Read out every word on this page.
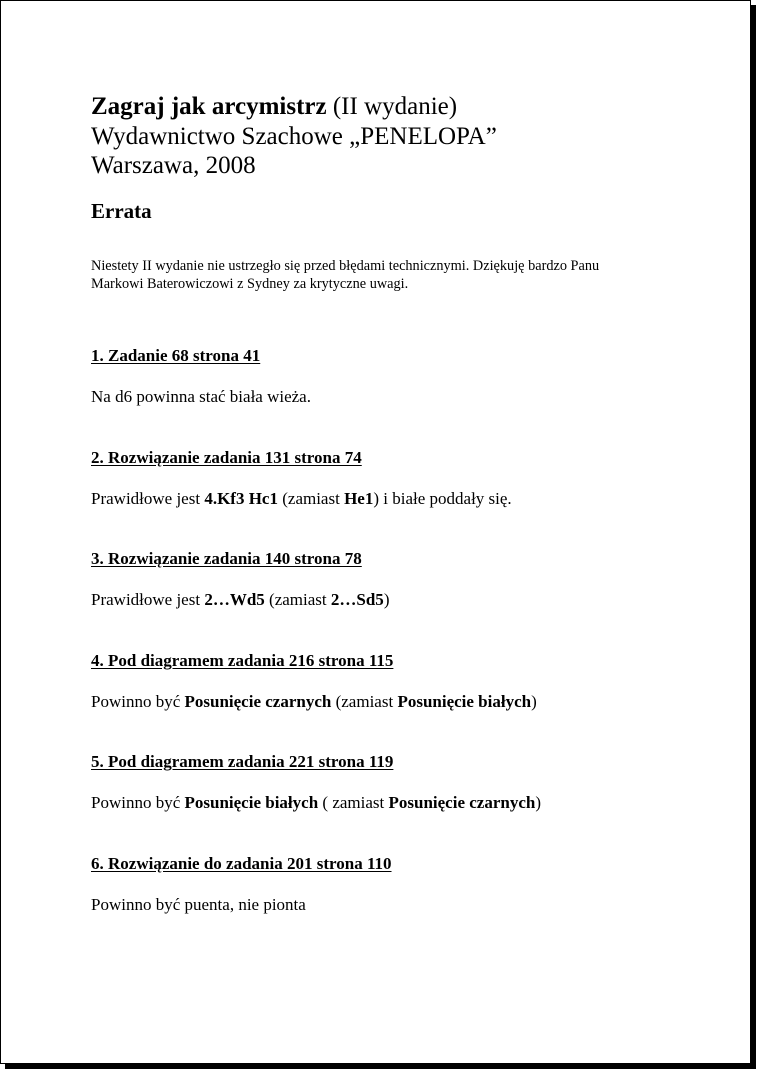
Zagraj jak arcymistrz (II wydanie)
Wydawnictwo Szachowe „PENELOPA”
Warszawa, 2008
Errata
Niestety II wydanie nie ustrzegło się przed błędami technicznymi. Dziękuję bardzo Panu
Markowi Baterowiczowi z Sydney za krytyczne uwagi.
1. Zadanie 68 strona 41
Na d6 powinna stać biała wieża.
2. Rozwiązanie zadania 131 strona 74
Prawidłowe jest 4.Kf3 Hc1 (zamiast He1) i białe poddały się.
3. Rozwiązanie zadania 140 strona 78
Prawidłowe jest 2…Wd5 (zamiast 2…Sd5)
4. Pod diagramem zadania 216 strona 115
Powinno być Posunięcie czarnych (zamiast Posunięcie białych)
5. Pod diagramem zadania 221 strona 119
Powinno być Posunięcie białych ( zamiast Posunięcie czarnych)
6. Rozwiązanie do zadania 201 strona 110
Powinno być puenta, nie pionta
